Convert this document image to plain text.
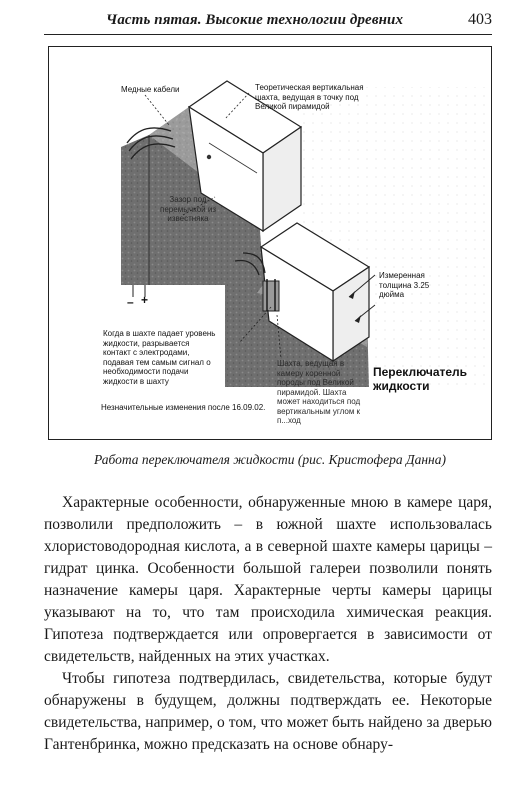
Часть пятая. Высокие технологии древних	403
Медные кабели	Теоретическая вертикальная шахта, ведущая в точку под Великой пирамидой
Зазор под перемычкой из известняка
Измеренная толщина 3.25 дюйма
Когда в шахте падает уровень жидкости, разрывается контакт с электродами, подавая тем самым сигнал о необходимости подачи жидкости в шахту
Незначительные изменения после 16.09.02.
Шахта, ведущая в камеру коренной породы под Великой пирамидой. Шахта может находиться под вертикальным углом к п...ход
Переключатель жидкости
– +
Работа переключателя жидкости (рис. Кристофера Данна)

Характерные особенности, обнаруженные мною в камере царя, позволили предположить – в южной шахте использовалась хлористоводородная кислота, а в северной шахте камеры царицы – гидрат цинка. Особенности большой галереи позволили понять назначение камеры царя. Характерные черты камеры царицы указывают на то, что там происходила химическая реакция. Гипотеза подтверждается или опровергается в зависимости от свидетельств, найденных на этих участках.

Чтобы гипотеза подтвердилась, свидетельства, которые будут обнаружены в будущем, должны подтверждать ее. Некоторые свидетельства, например, о том, что может быть найдено за дверью Гантенбринка, можно предсказать на основе обнару-
